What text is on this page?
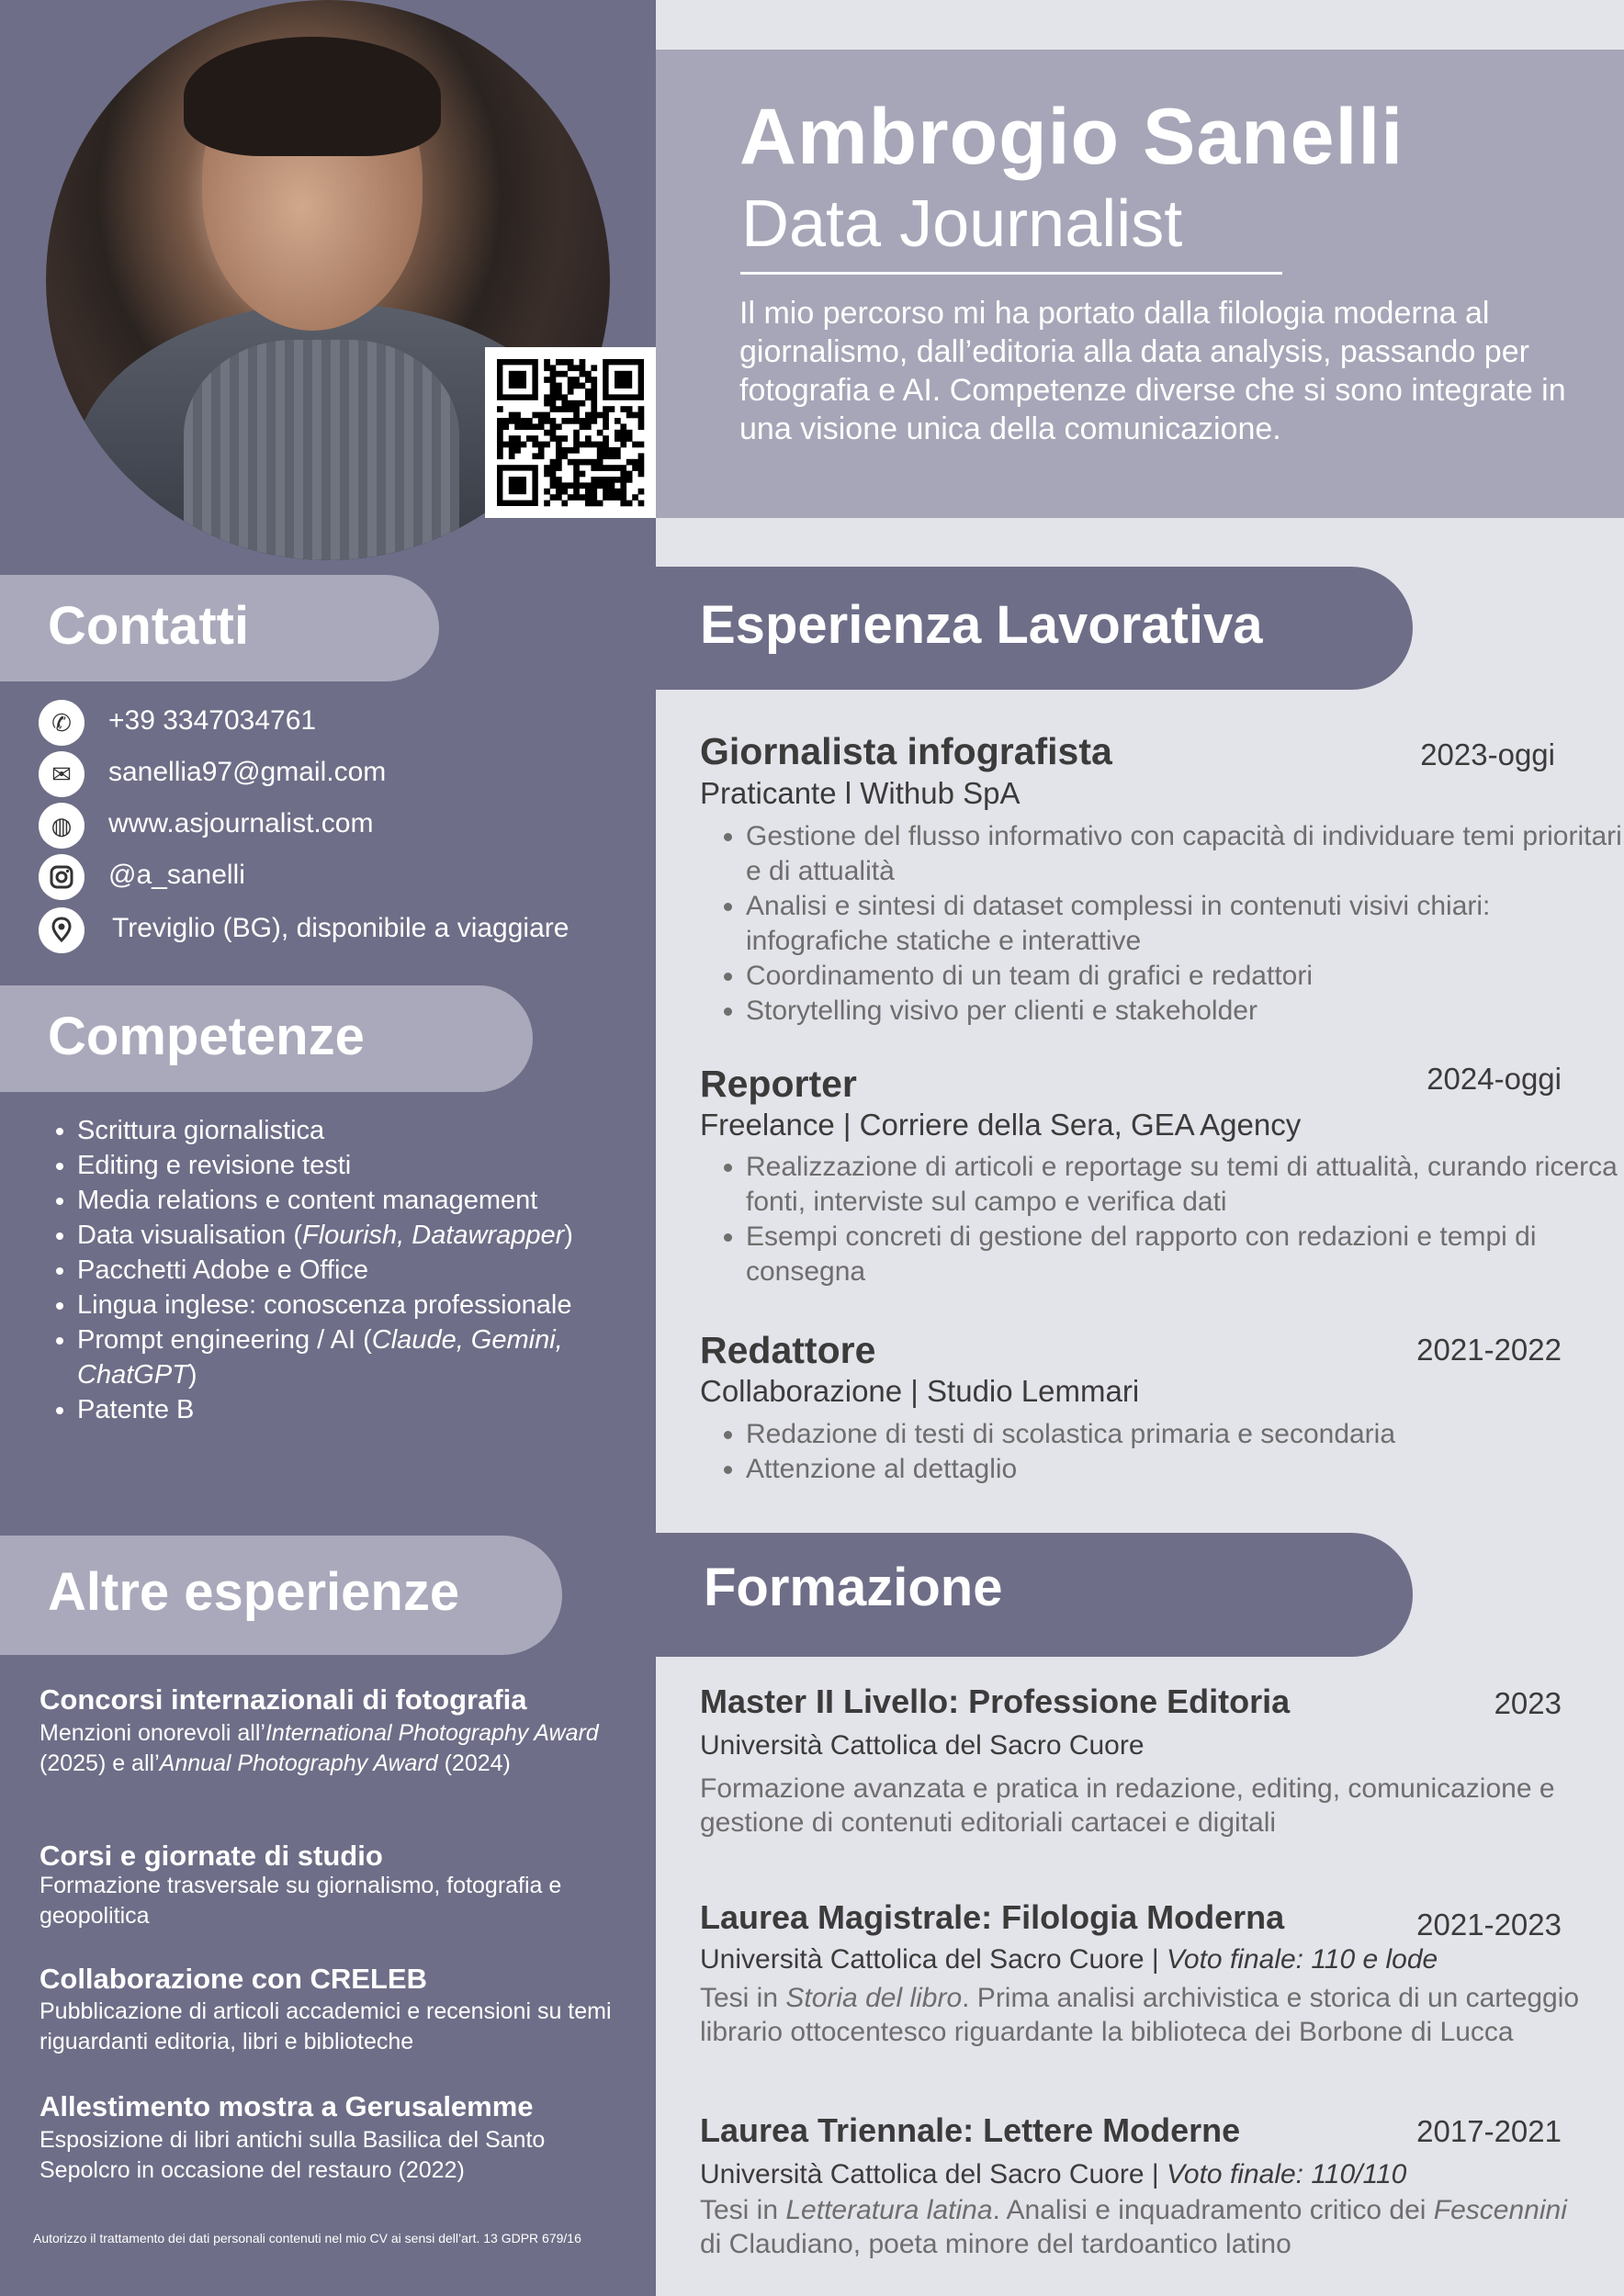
Ambrogio Sanelli
Data Journalist
Il mio percorso mi ha portato dalla filologia moderna al giornalismo, dall’editoria alla data analysis, passando per fotografia e AI. Competenze diverse che si sono integrate in una visione unica della comunicazione.
Contatti
✆	+39 3347034761
✉	sanellia97@gmail.com
◍	www.asjournalist.com
@a_sanelli
Treviglio (BG), disponibile a viaggiare
Competenze
• Scrittura giornalistica
• Editing e revisione testi
• Media relations e content management
• Data visualisation (Flourish, Datawrapper)
• Pacchetti Adobe e Office
• Lingua inglese: conoscenza professionale
• Prompt engineering / AI (Claude, Gemini, ChatGPT)
• Patente B
Altre esperienze
Concorsi internazionali di fotografia
Menzioni onorevoli all’International Photography Award (2025) e all’Annual Photography Award (2024)
Corsi e giornate di studio
Formazione trasversale su giornalismo, fotografia e geopolitica
Collaborazione con CRELEB
Pubblicazione di articoli accademici e recensioni su temi riguardanti editoria, libri e biblioteche
Allestimento mostra a Gerusalemme
Esposizione di libri antichi sulla Basilica del Santo Sepolcro in occasione del restauro (2022)
Autorizzo il trattamento dei dati personali contenuti nel mio CV ai sensi dell’art. 13 GDPR 679/16
Esperienza Lavorativa
Giornalista infografista	2023-oggi
Praticante l Withub SpA
• Gestione del flusso informativo con capacità di individuare temi prioritari e di attualità
• Analisi e sintesi di dataset complessi in contenuti visivi chiari: infografiche statiche e interattive
• Coordinamento di un team di grafici e redattori
• Storytelling visivo per clienti e stakeholder
Reporter	2024-oggi
Freelance | Corriere della Sera, GEA Agency
• Realizzazione di articoli e reportage su temi di attualità, curando ricerca fonti, interviste sul campo e verifica dati
• Esempi concreti di gestione del rapporto con redazioni e tempi di consegna
Redattore	2021-2022
Collaborazione | Studio Lemmari
• Redazione di testi di scolastica primaria e secondaria
• Attenzione al dettaglio
Formazione
Master II Livello: Professione Editoria	2023
Università Cattolica del Sacro Cuore
Formazione avanzata e pratica in redazione, editing, comunicazione e gestione di contenuti editoriali cartacei e digitali
Laurea Magistrale: Filologia Moderna	2021-2023
Università Cattolica del Sacro Cuore | Voto finale: 110 e lode
Tesi in Storia del libro. Prima analisi archivistica e storica di un carteggio librario ottocentesco riguardante la biblioteca dei Borbone di Lucca
Laurea Triennale: Lettere Moderne	2017-2021
Università Cattolica del Sacro Cuore | Voto finale: 110/110
Tesi in Letteratura latina. Analisi e inquadramento critico dei Fescennini di Claudiano, poeta minore del tardoantico latino
